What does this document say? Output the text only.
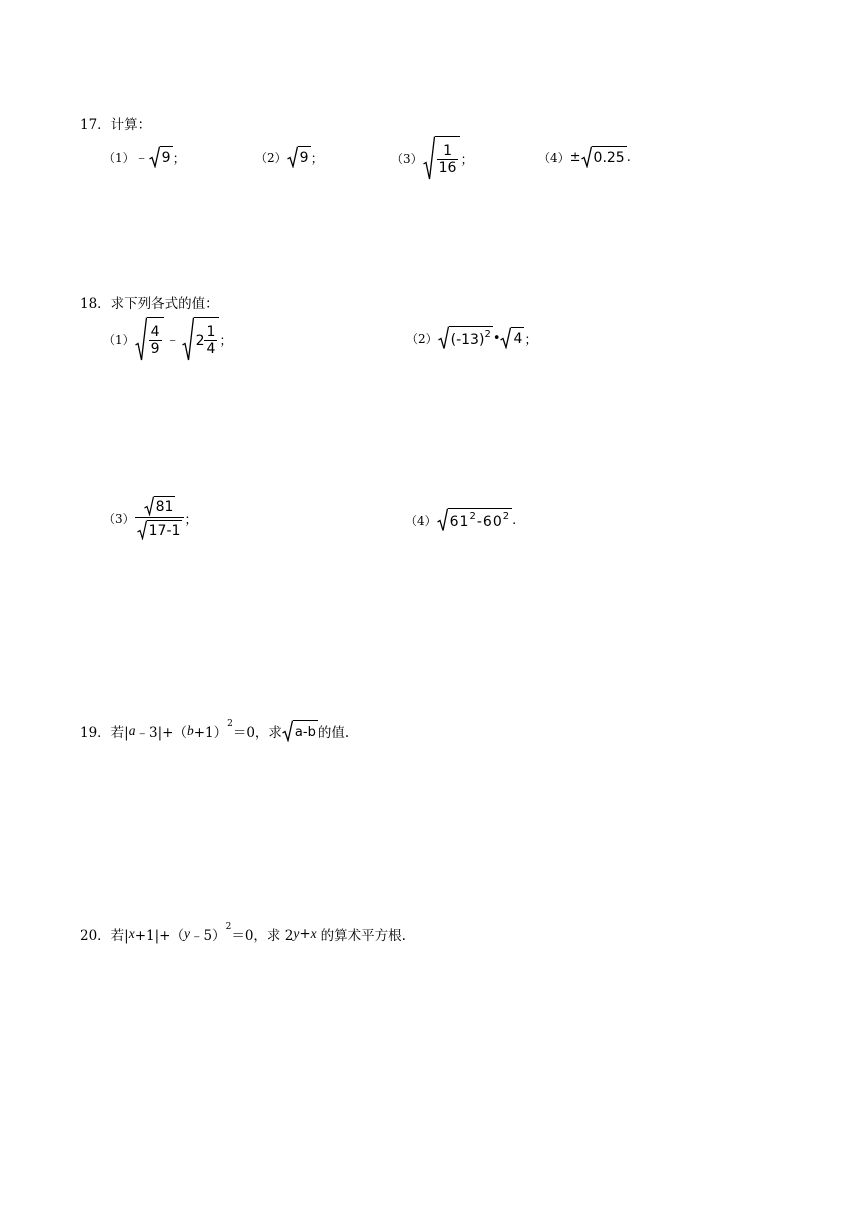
17．计算：
（1） ﹣ 9 ；	（2） 9 ；	$(3) \frac{1}{16}$ ；	（4） ± 0.25 .
18．求下列各式的值：
$(1) \frac{4}{9}$ ﹣ $2 \frac{1}{4}$ ；	（2） (-13) 2 • 4 ；
$(3) \frac{81}{17-1}$ ；	（4） 61 2 - 60 2 .
19．若| a ﹣3|+（ b +1）
2
＝0，求 a-b 的值.
20．若| x +1|+（ y ﹣5）
2
＝0，求 2 y + x 的算术平方根.
